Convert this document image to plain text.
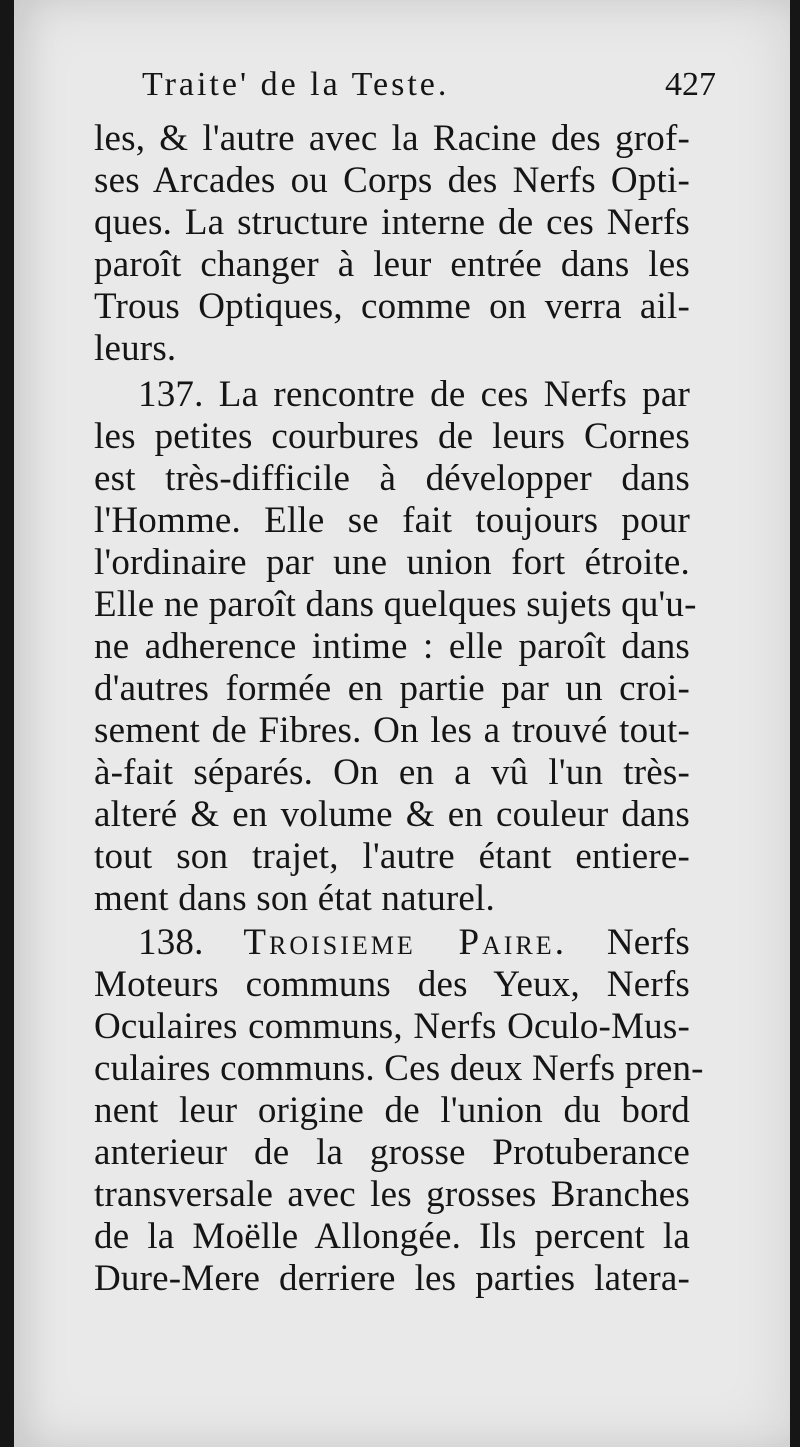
Traite' de la Teste.	427
les, & l'autre avec la Racine des grof-
ses Arcades ou Corps des Nerfs Opti-
ques. La structure interne de ces Nerfs
paroît changer à leur entrée dans les
Trous Optiques, comme on verra ail-
leurs.
137. La rencontre de ces Nerfs par
les petites courbures de leurs Cornes
est très-difficile à développer dans
l'Homme. Elle se fait toujours pour
l'ordinaire par une union fort étroite.
Elle ne paroît dans quelques sujets qu'u-
ne adherence intime : elle paroît dans
d'autres formée en partie par un croi-
sement de Fibres. On les a trouvé tout-
à-fait séparés. On en a vû l'un très-
alteré & en volume & en couleur dans
tout son trajet, l'autre étant entiere-
ment dans son état naturel.
138. Troisieme Paire. Nerfs
Moteurs communs des Yeux, Nerfs
Oculaires communs, Nerfs Oculo-Mus-
culaires communs. Ces deux Nerfs pren-
nent leur origine de l'union du bord
anterieur de la grosse Protuberance
transversale avec les grosses Branches
de la Moëlle Allongée. Ils percent la
Dure-Mere derriere les parties latera-
